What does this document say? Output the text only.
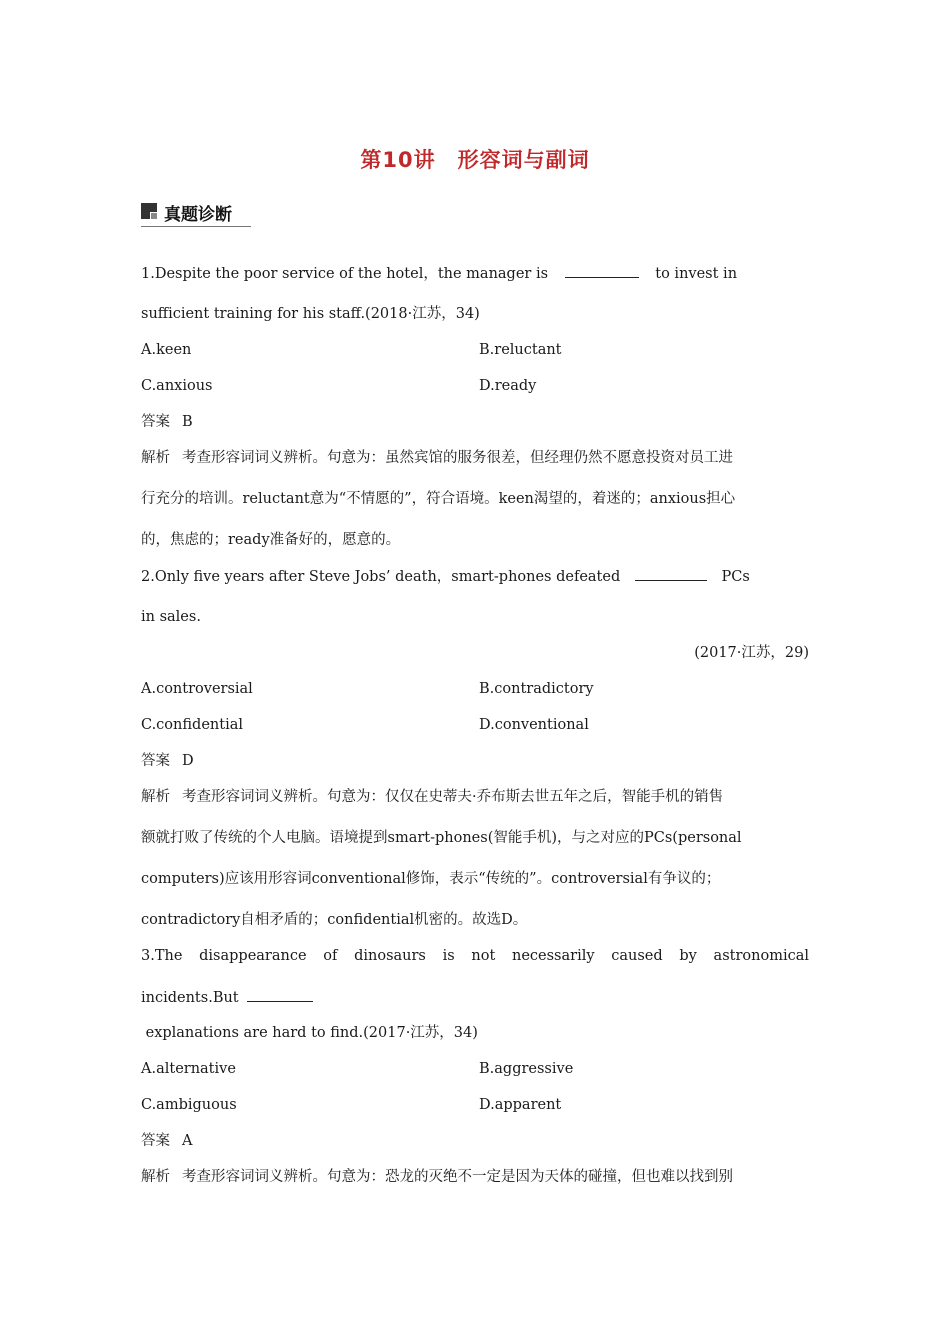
第10讲　形容词与副词
真题诊断
1.Despite the poor service of the hotel，the manager is	to invest in
sufficient training for his staff.(2018·江苏，34)
A.keen	B.reluctant
C.anxious	D.ready
答案 B
解析 考查形容词词义辨析。句意为：虽然宾馆的服务很差，但经理仍然不愿意投资对员工进
行充分的培训。reluctant意为“不情愿的”，符合语境。keen渴望的，着迷的；anxious担心
的，焦虑的；ready准备好的，愿意的。
2.Only five years after Steve Jobs’ death，smart-phones defeated	PCs
in sales.
(2017·江苏，29)
A.controversial	B.contradictory
C.confidential	D.conventional
答案 D
解析 考查形容词词义辨析。句意为：仅仅在史蒂夫·乔布斯去世五年之后，智能手机的销售
额就打败了传统的个人电脑。语境提到smart-phones(智能手机)，与之对应的PCs(personal
computers)应该用形容词conventional修饰，表示“传统的”。controversial有争议的；
contradictory自相矛盾的；confidential机密的。故选D。
3.The disappearance of dinosaurs is not necessarily caused by astronomical
incidents.But
explanations are hard to find.(2017·江苏，34)
A.alternative	B.aggressive
C.ambiguous	D.apparent
答案 A
解析 考查形容词词义辨析。句意为：恐龙的灭绝不一定是因为天体的碰撞，但也难以找到别
